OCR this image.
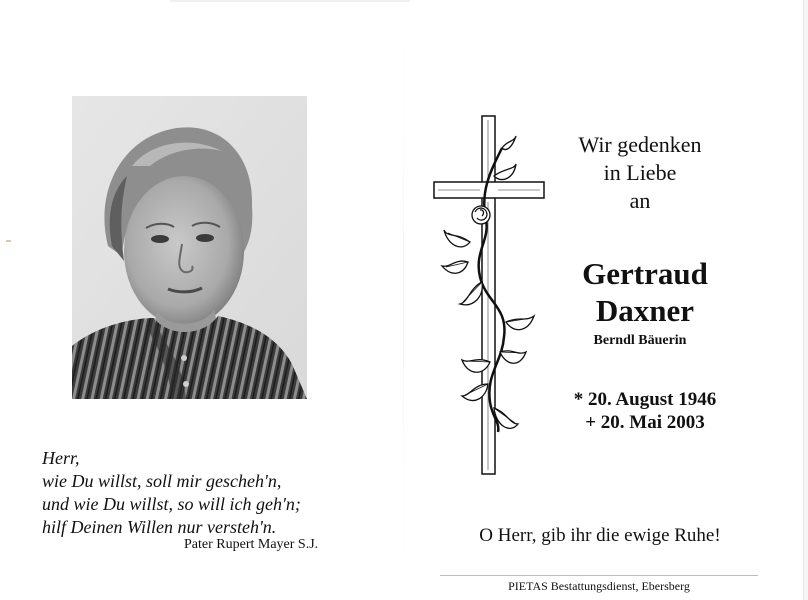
Herr,
wie Du willst, soll mir gescheh'n,
und wie Du willst, so will ich geh'n;
hilf Deinen Willen nur versteh'n.
Pater Rupert Mayer S.J.
Wir gedenken
in Liebe
an
Gertraud
Daxner
Berndl Bäuerin
* 20. August 1946
+ 20. Mai 2003
O Herr, gib ihr die ewige Ruhe!
PIETAS Bestattungsdienst, Ebersberg
